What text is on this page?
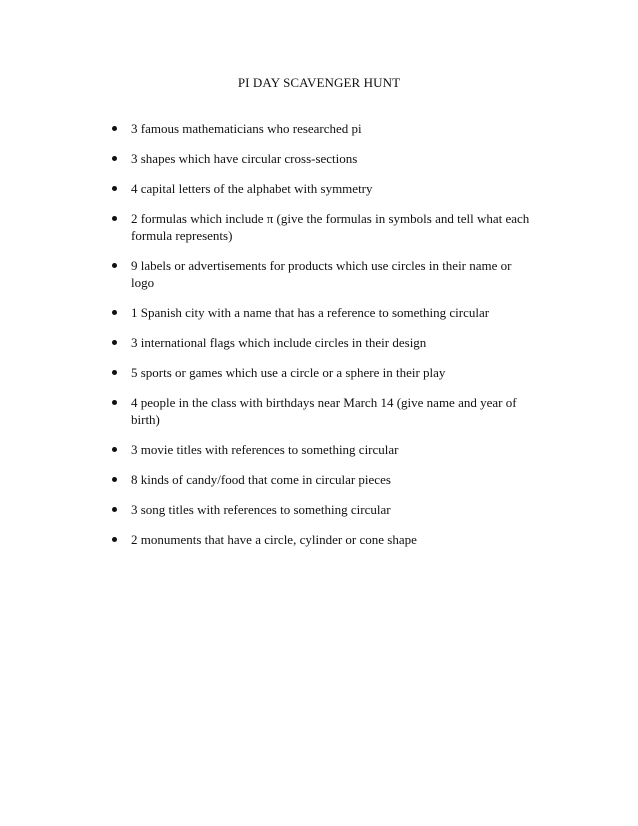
PI DAY SCAVENGER HUNT
3 famous mathematicians who researched pi
3 shapes which have circular cross-sections
4 capital letters of the alphabet with symmetry
2 formulas which include π (give the formulas in symbols and tell what each formula represents)
9 labels or advertisements for products which use circles in their name or logo
1 Spanish city with a name that has a reference to something circular
3 international flags which include circles in their design
5 sports or games which use a circle or a sphere in their play
4 people in the class with birthdays near March 14 (give name and year of birth)
3 movie titles with references to something circular
8 kinds of candy/food that come in circular pieces
3 song titles with references to something circular
2 monuments that have a circle, cylinder or cone shape
